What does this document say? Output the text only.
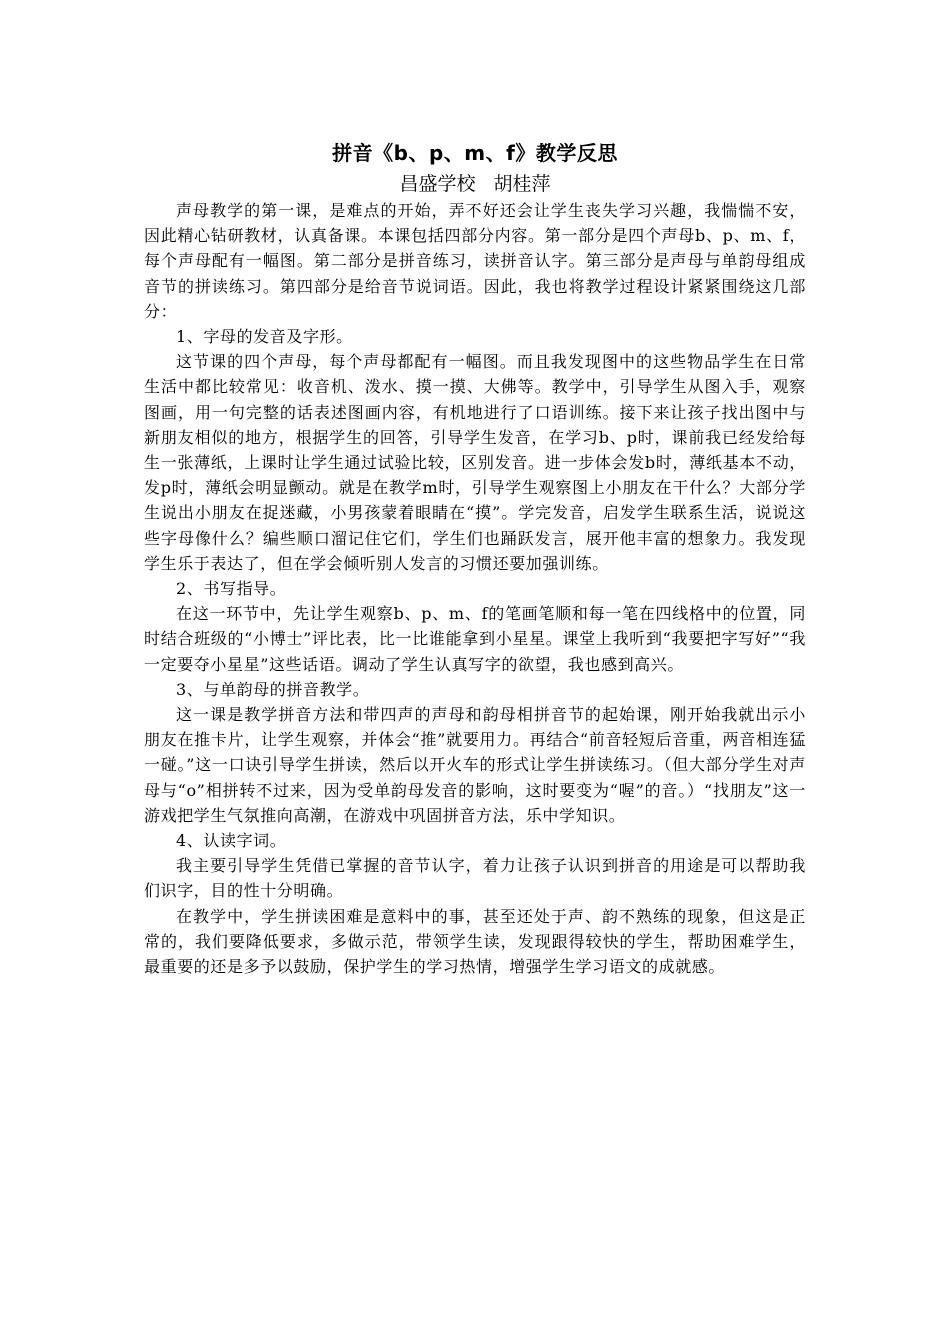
拼音《b、p、m、f》教学反思
昌盛学校 胡桂萍

声母教学的第一课，是难点的开始，弄不好还会让学生丧失学习兴趣，我惴惴不安，因此精心钻研教材，认真备课。本课包括四部分内容。第一部分是四个声母b、p、m、f，每个声母配有一幅图。第二部分是拼音练习，读拼音认字。第三部分是声母与单韵母组成音节的拼读练习。第四部分是给音节说词语。因此，我也将教学过程设计紧紧围绕这几部分：

1、字母的发音及字形。

这节课的四个声母，每个声母都配有一幅图。而且我发现图中的这些物品学生在日常生活中都比较常见：收音机、泼水、摸一摸、大佛等。教学中，引导学生从图入手，观察图画，用一句完整的话表述图画内容，有机地进行了口语训练。接下来让孩子找出图中与新朋友相似的地方，根据学生的回答，引导学生发音，在学习b、p时，课前我已经发给每生一张薄纸，上课时让学生通过试验比较，区别发音。进一步体会发b时，薄纸基本不动，发p时，薄纸会明显颤动。就是在教学m时，引导学生观察图上小朋友在干什么？大部分学生说出小朋友在捉迷藏，小男孩蒙着眼睛在“摸”。学完发音，启发学生联系生活，说说这些字母像什么？编些顺口溜记住它们，学生们也踊跃发言，展开他丰富的想象力。我发现学生乐于表达了，但在学会倾听别人发言的习惯还要加强训练。

2、书写指导。

在这一环节中，先让学生观察b、p、m、f的笔画笔顺和每一笔在四线格中的位置，同时结合班级的“小博士”评比表，比一比谁能拿到小星星。课堂上我听到“我要把字写好”“我一定要夺小星星”这些话语。调动了学生认真写字的欲望，我也感到高兴。

3、与单韵母的拼音教学。

这一课是教学拼音方法和带四声的声母和韵母相拼音节的起始课，刚开始我就出示小朋友在推卡片，让学生观察，并体会“推”就要用力。再结合“前音轻短后音重，两音相连猛一碰。”这一口诀引导学生拼读，然后以开火车的形式让学生拼读练习。（但大部分学生对声母与“o”相拼转不过来，因为受单韵母发音的影响，这时要变为“喔”的音。）“找朋友”这一游戏把学生气氛推向高潮，在游戏中巩固拼音方法，乐中学知识。

4、认读字词。

我主要引导学生凭借已掌握的音节认字，着力让孩子认识到拼音的用途是可以帮助我们识字，目的性十分明确。

在教学中，学生拼读困难是意料中的事，甚至还处于声、韵不熟练的现象，但这是正常的，我们要降低要求，多做示范，带领学生读，发现跟得较快的学生，帮助困难学生，最重要的还是多予以鼓励，保护学生的学习热情，增强学生学习语文的成就感。
